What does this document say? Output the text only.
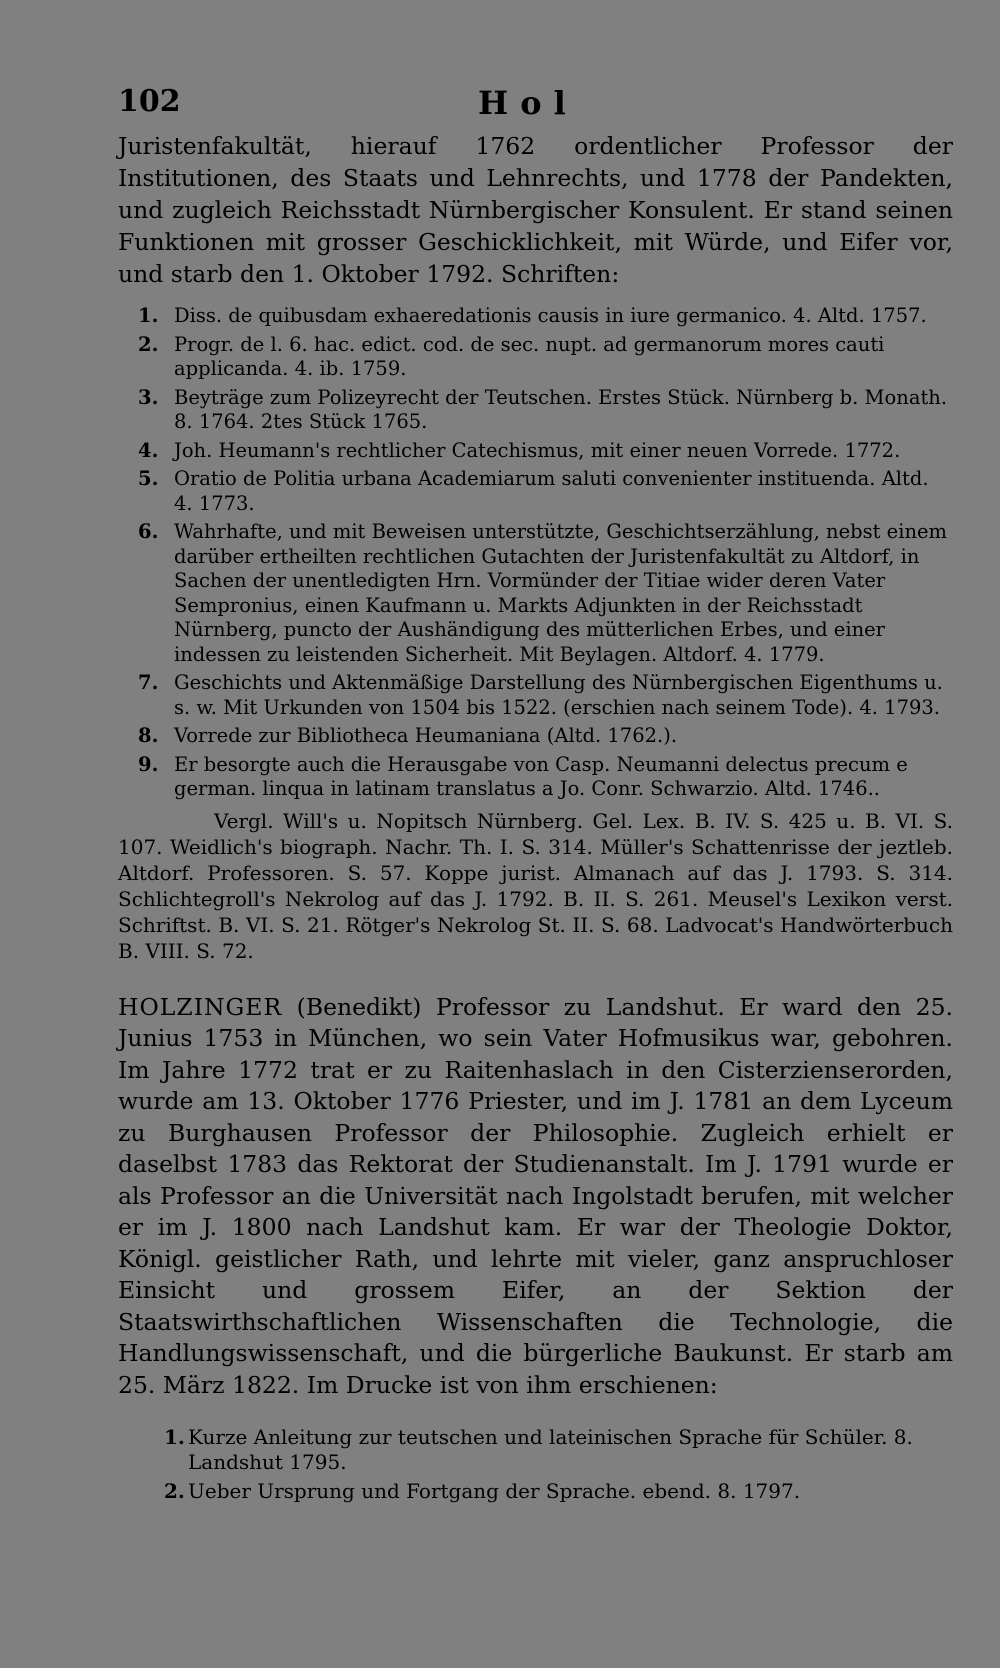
102	Hol

Juristenfakultät, hierauf 1762 ordentlicher Professor der Institutionen, des Staats und Lehnrechts, und 1778 der Pandekten, und zugleich Reichsstadt Nürnbergischer Konsulent. Er stand seinen Funktionen mit grosser Geschicklichkeit, mit Würde, und Eifer vor, und starb den 1. Oktober 1792. Schriften:

1. Diss. de quibusdam exhaeredationis causis in iure germanico. 4. Altd. 1757.
2. Progr. de l. 6. hac. edict. cod. de sec. nupt. ad germanorum mores cauti applicanda. 4. ib. 1759.
3. Beyträge zum Polizeyrecht der Teutschen. Erstes Stück. Nürnberg b. Monath. 8. 1764. 2tes Stück 1765.
4. Joh. Heumann's rechtlicher Catechismus, mit einer neuen Vorrede. 1772.
5. Oratio de Politia urbana Academiarum saluti convenienter instituenda. Altd. 4. 1773.
6. Wahrhafte, und mit Beweisen unterstützte, Geschichtserzählung, nebst einem darüber ertheilten rechtlichen Gutachten der Juristenfakultät zu Altdorf, in Sachen der unentledigten Hrn. Vormünder der Titiae wider deren Vater Sempronius, einen Kaufmann u. Markts Adjunkten in der Reichsstadt Nürnberg, puncto der Aushändigung des mütterlichen Erbes, und einer indessen zu leistenden Sicherheit. Mit Beylagen. Altdorf. 4. 1779.
7. Geschichts und Aktenmäßige Darstellung des Nürnbergischen Eigenthums u. s. w. Mit Urkunden von 1504 bis 1522. (erschien nach seinem Tode). 4. 1793.
8. Vorrede zur Bibliotheca Heumaniana (Altd. 1762.).
9. Er besorgte auch die Herausgabe von Casp. Neumanni delectus precum e german. linqua in latinam translatus a Jo. Conr. Schwarzio. Altd. 1746..

Vergl. Will's u. Nopitsch Nürnberg. Gel. Lex. B. IV. S. 425 u. B. VI. S. 107. Weidlich's biograph. Nachr. Th. I. S. 314. Müller's Schattenrisse der jeztleb. Altdorf. Professoren. S. 57. Koppe jurist. Almanach auf das J. 1793. S. 314. Schlichtegroll's Nekrolog auf das J. 1792. B. II. S. 261. Meusel's Lexikon verst. Schriftst. B. VI. S. 21. Rötger's Nekrolog St. II. S. 68. Ladvocat's Handwörterbuch B. VIII. S. 72.

HOLZINGER (Benedikt) Professor zu Landshut. Er ward den 25. Junius 1753 in München, wo sein Vater Hofmusikus war, gebohren. Im Jahre 1772 trat er zu Raitenhaslach in den Cisterzienserorden, wurde am 13. Oktober 1776 Priester, und im J. 1781 an dem Lyceum zu Burghausen Professor der Philosophie. Zugleich erhielt er daselbst 1783 das Rektorat der Studienanstalt. Im J. 1791 wurde er als Professor an die Universität nach Ingolstadt berufen, mit welcher er im J. 1800 nach Landshut kam. Er war der Theologie Doktor, Königl. geistlicher Rath, und lehrte mit vieler, ganz anspruchloser Einsicht und grossem Eifer, an der Sektion der Staatswirthschaftlichen Wissenschaften die Technologie, die Handlungswissenschaft, und die bürgerliche Baukunst. Er starb am 25. März 1822. Im Drucke ist von ihm erschienen:

1. Kurze Anleitung zur teutschen und lateinischen Sprache für Schüler. 8. Landshut 1795.
2. Ueber Ursprung und Fortgang der Sprache. ebend. 8. 1797.
